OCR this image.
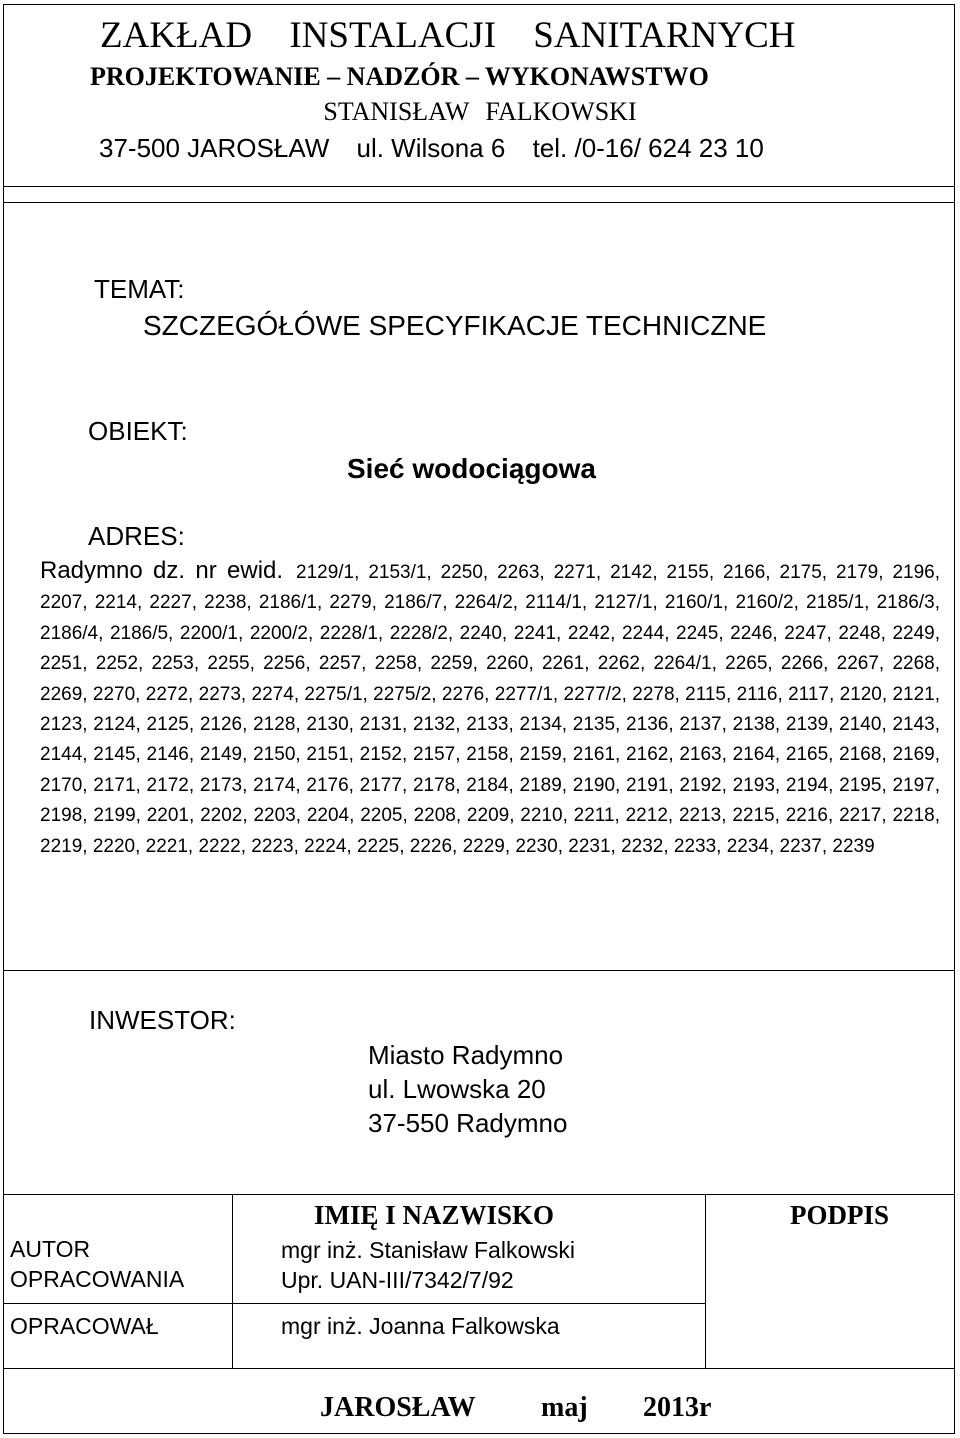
ZAKŁAD INSTALACJI SANITARNYCH
PROJEKTOWANIE – NADZÓR – WYKONAWSTWO
STANISŁAW FALKOWSKI
37-500 JAROSŁAW ul. Wilsona 6 tel. /0-16/ 624 23 10
TEMAT:
SZCZEGÓŁÓWE SPECYFIKACJE TECHNICZNE
OBIEKT:
Sieć wodociągowa
ADRES:
Radymno dz. nr ewid. 2129/1, 2153/1, 2250, 2263, 2271, 2142, 2155, 2166, 2175, 2179, 2196, 2207, 2214, 2227, 2238, 2186/1, 2279, 2186/7, 2264/2, 2114/1, 2127/1, 2160/1, 2160/2, 2185/1, 2186/3, 2186/4, 2186/5, 2200/1, 2200/2, 2228/1, 2228/2, 2240, 2241, 2242, 2244, 2245, 2246, 2247, 2248, 2249, 2251, 2252, 2253, 2255, 2256, 2257, 2258, 2259, 2260, 2261, 2262, 2264/1, 2265, 2266, 2267, 2268, 2269, 2270, 2272, 2273, 2274, 2275/1, 2275/2, 2276, 2277/1, 2277/2, 2278, 2115, 2116, 2117, 2120, 2121, 2123, 2124, 2125, 2126, 2128, 2130, 2131, 2132, 2133, 2134, 2135, 2136, 2137, 2138, 2139, 2140, 2143, 2144, 2145, 2146, 2149, 2150, 2151, 2152, 2157, 2158, 2159, 2161, 2162, 2163, 2164, 2165, 2168, 2169, 2170, 2171, 2172, 2173, 2174, 2176, 2177, 2178, 2184, 2189, 2190, 2191, 2192, 2193, 2194, 2195, 2197, 2198, 2199, 2201, 2202, 2203, 2204, 2205, 2208, 2209, 2210, 2211, 2212, 2213, 2215, 2216, 2217, 2218, 2219, 2220, 2221, 2222, 2223, 2224, 2225, 2226, 2229, 2230, 2231, 2232, 2233, 2234, 2237, 2239
INWESTOR:
Miasto Radymno
ul. Lwowska 20
37-550 Radymno
IMIĘ I NAZWISKO	PODPIS
AUTOR
OPRACOWANIA
mgr inż. Stanisław Falkowski
Upr. UAN-III/7342/7/92
OPRACOWAŁ	mgr inż. Joanna Falkowska
JAROSŁAW maj 2013r
